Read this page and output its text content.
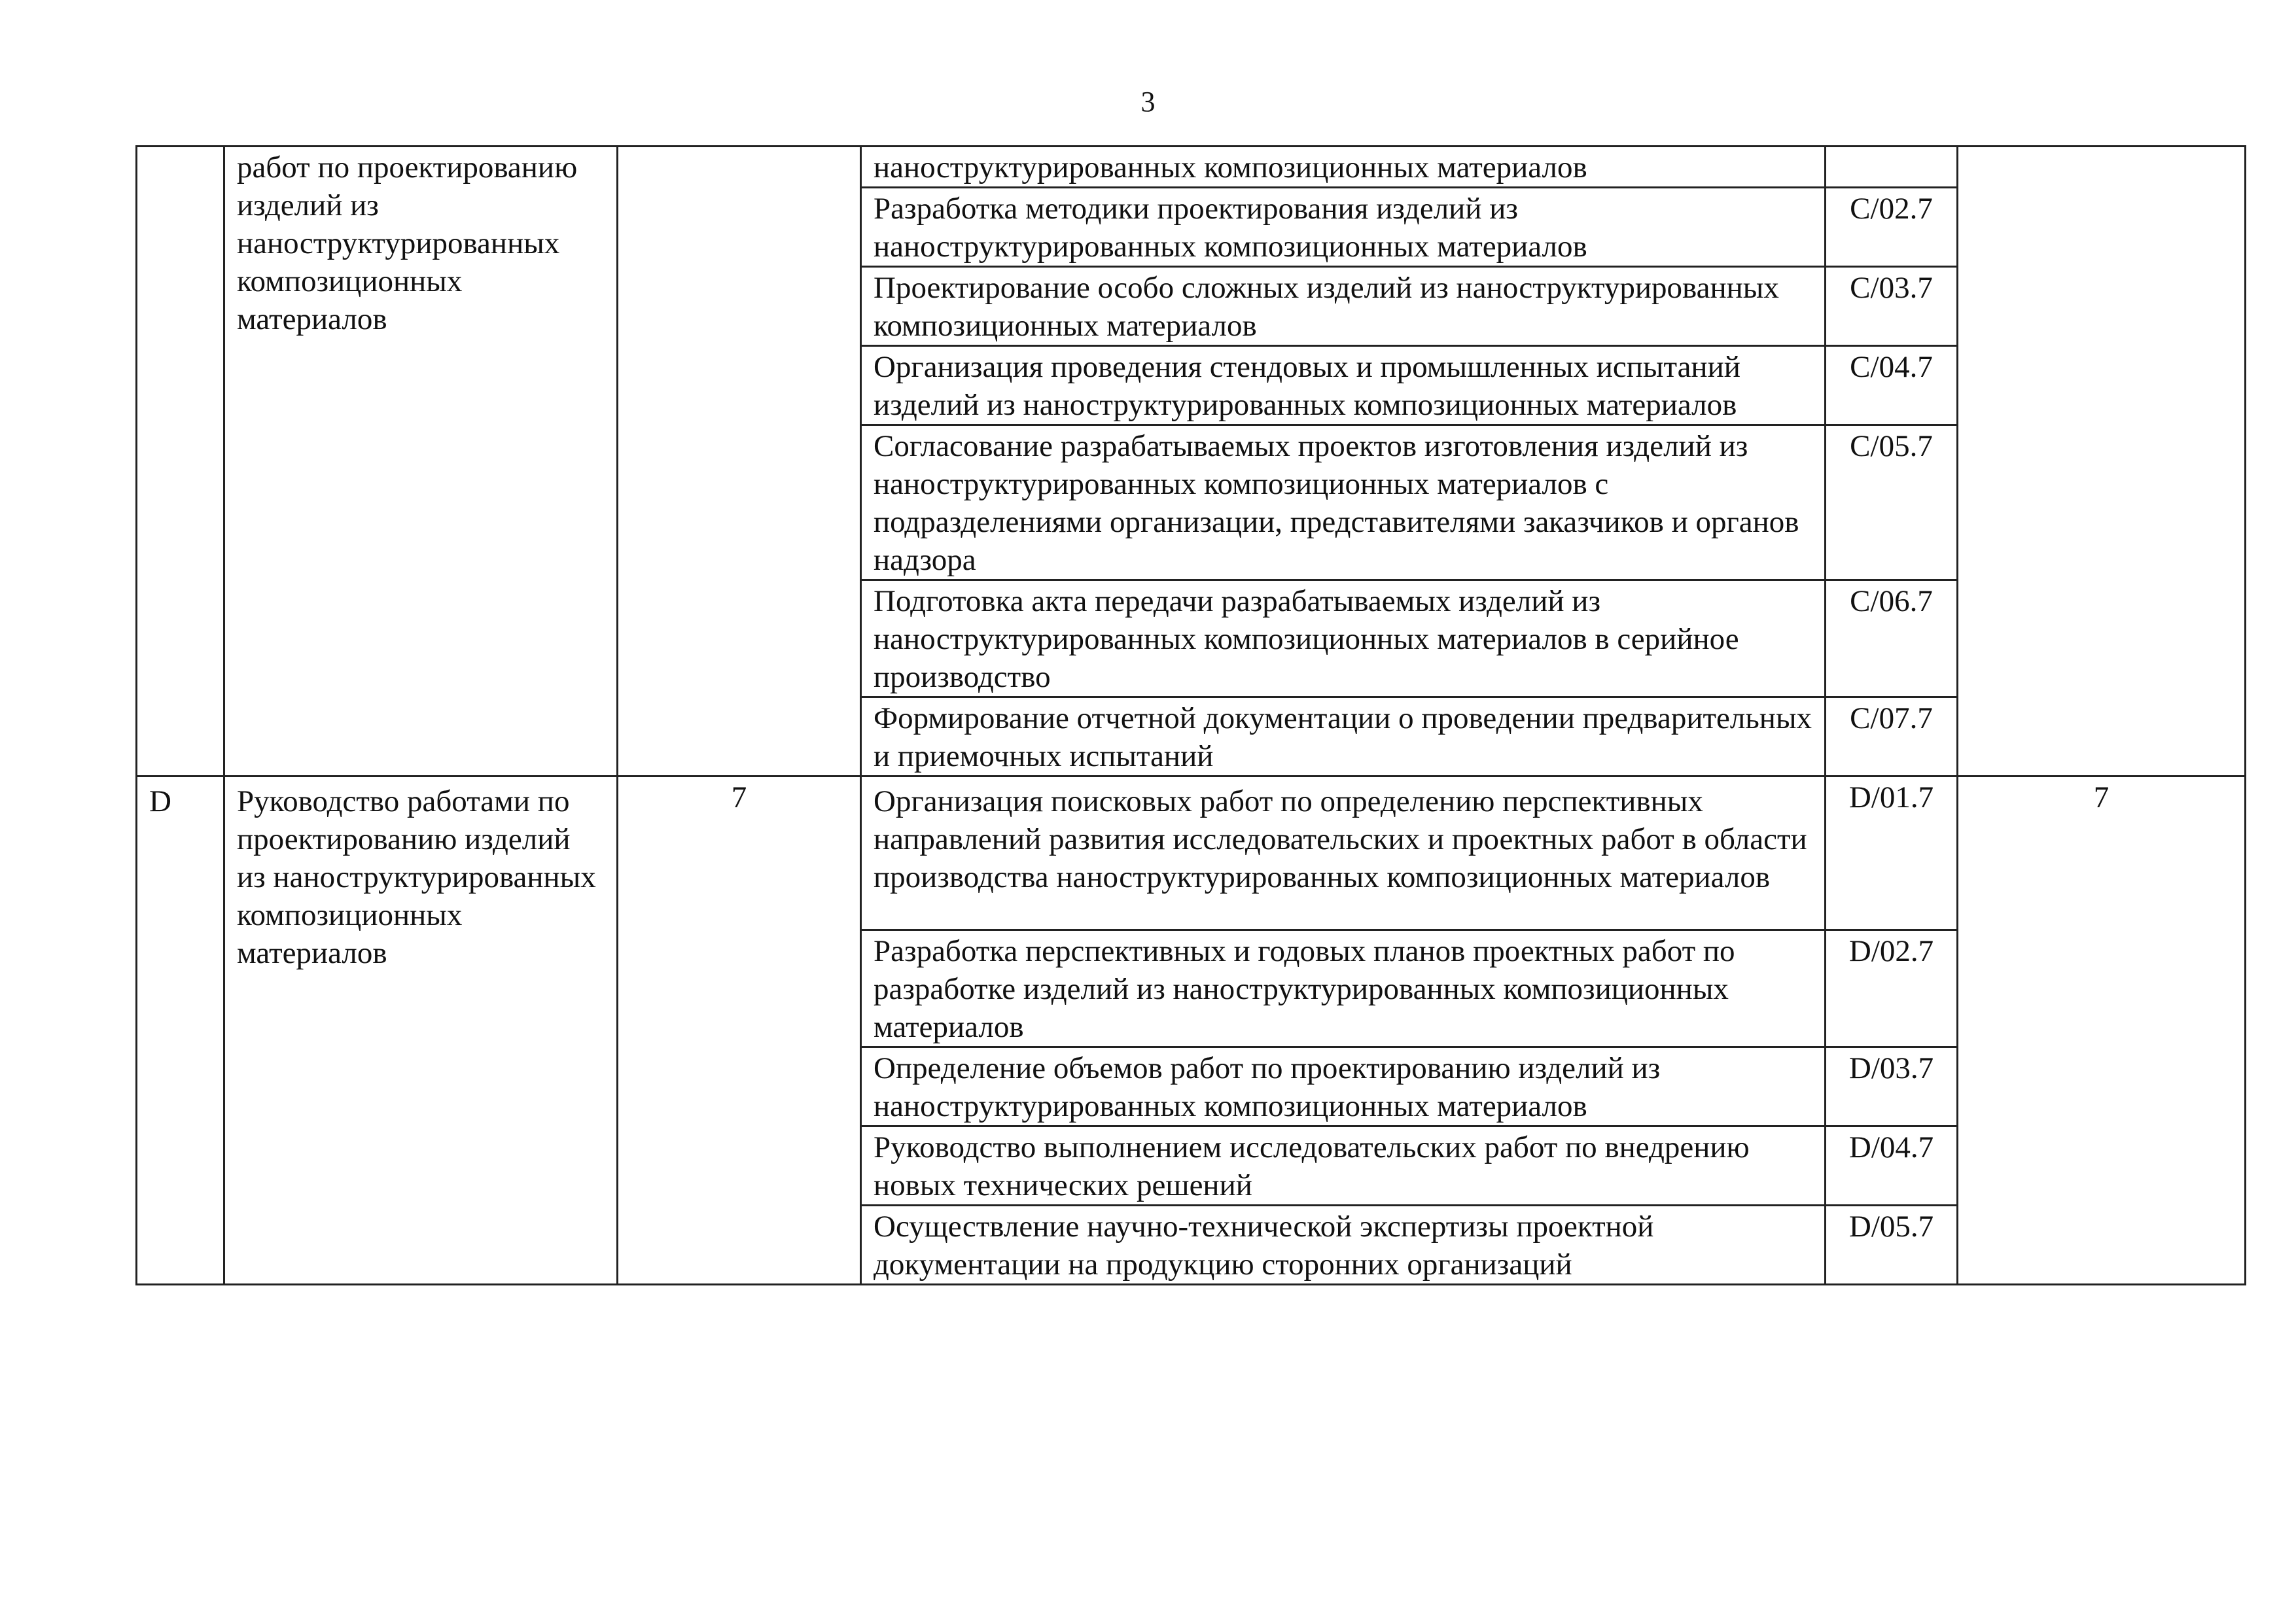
3
	работ по проектированию изделий из наноструктурированных композиционных материалов		наноструктурированных композиционных материалов		
			Разработка методики проектирования изделий из наноструктурированных композиционных материалов	C/02.7	
			Проектирование особо сложных изделий из наноструктурированных композиционных материалов	C/03.7	
			Организация проведения стендовых и промышленных испытаний изделий из наноструктурированных композиционных материалов	C/04.7	
			Согласование разрабатываемых проектов изготовления изделий из наноструктурированных композиционных материалов с подразделениями организации, представителями заказчиков и органов надзора	C/05.7	
			Подготовка акта передачи разрабатываемых изделий из наноструктурированных композиционных материалов в серийное производство	C/06.7	
			Формирование отчетной документации о проведении предварительных и приемочных испытаний	C/07.7	
D	Руководство работами по проектированию изделий из наноструктурированных композиционных материалов	7	Организация поисковых работ по определению перспективных направлений развития исследовательских и проектных работ в области производства наноструктурированных композиционных материалов	D/01.7	7
			Разработка перспективных и годовых планов проектных работ по разработке изделий из наноструктурированных композиционных материалов	D/02.7	
			Определение объемов работ по проектированию изделий из наноструктурированных композиционных материалов	D/03.7	
			Руководство выполнением исследовательских работ по внедрению новых технических решений	D/04.7	
			Осуществление научно-технической экспертизы проектной документации на продукцию сторонних организаций	D/05.7	
